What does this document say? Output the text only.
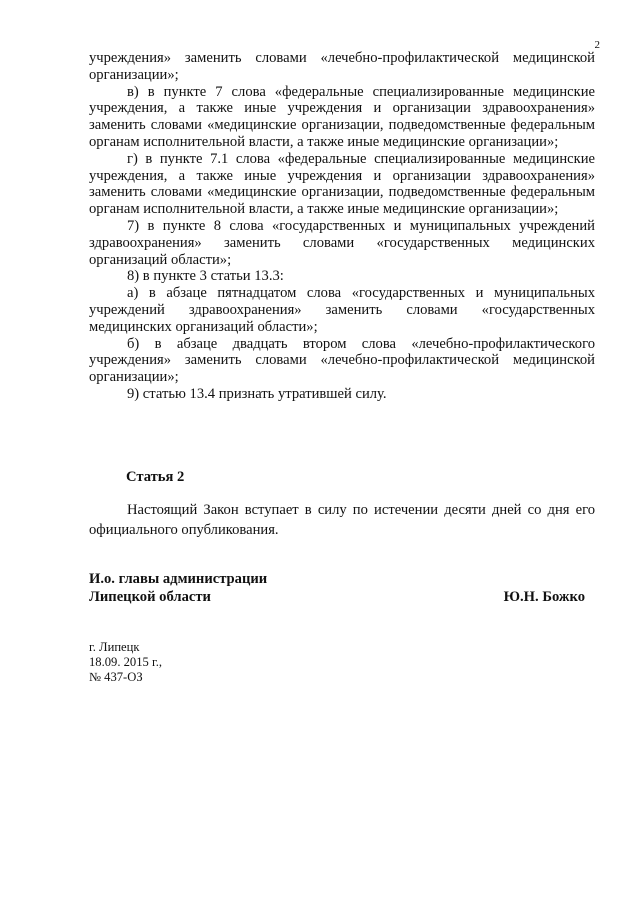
2

учреждения» заменить словами «лечебно-профилактической медицинской организации»;

в) в пункте 7 слова «федеральные специализированные медицинские учреждения, а также иные учреждения и организации здравоохранения» заменить словами «медицинские организации, подведомственные федеральным органам исполнительной власти, а также иные медицинские организации»;

г) в пункте 7.1 слова «федеральные специализированные медицинские учреждения, а также иные учреждения и организации здравоохранения» заменить словами «медицинские организации, подведомственные федеральным органам исполнительной власти, а также иные медицинские организации»;

7) в пункте 8 слова «государственных и муниципальных учреждений здравоохранения» заменить словами «государственных медицинских организаций области»;

8) в пункте 3 статьи 13.3:

а) в абзаце пятнадцатом слова «государственных и муниципальных учреждений здравоохранения» заменить словами «государственных медицинских организаций области»;

б) в абзаце двадцать втором слова «лечебно-профилактического учреждения» заменить словами «лечебно-профилактической медицинской организации»;

9) статью 13.4 признать утратившей силу.

Статья 2

Настоящий Закон вступает в силу по истечении десяти дней со дня его официального опубликования.

И.о. главы администрации

Липецкой области	Ю.Н. Божко

г. Липецк

18.09. 2015 г.,

№ 437-ОЗ
